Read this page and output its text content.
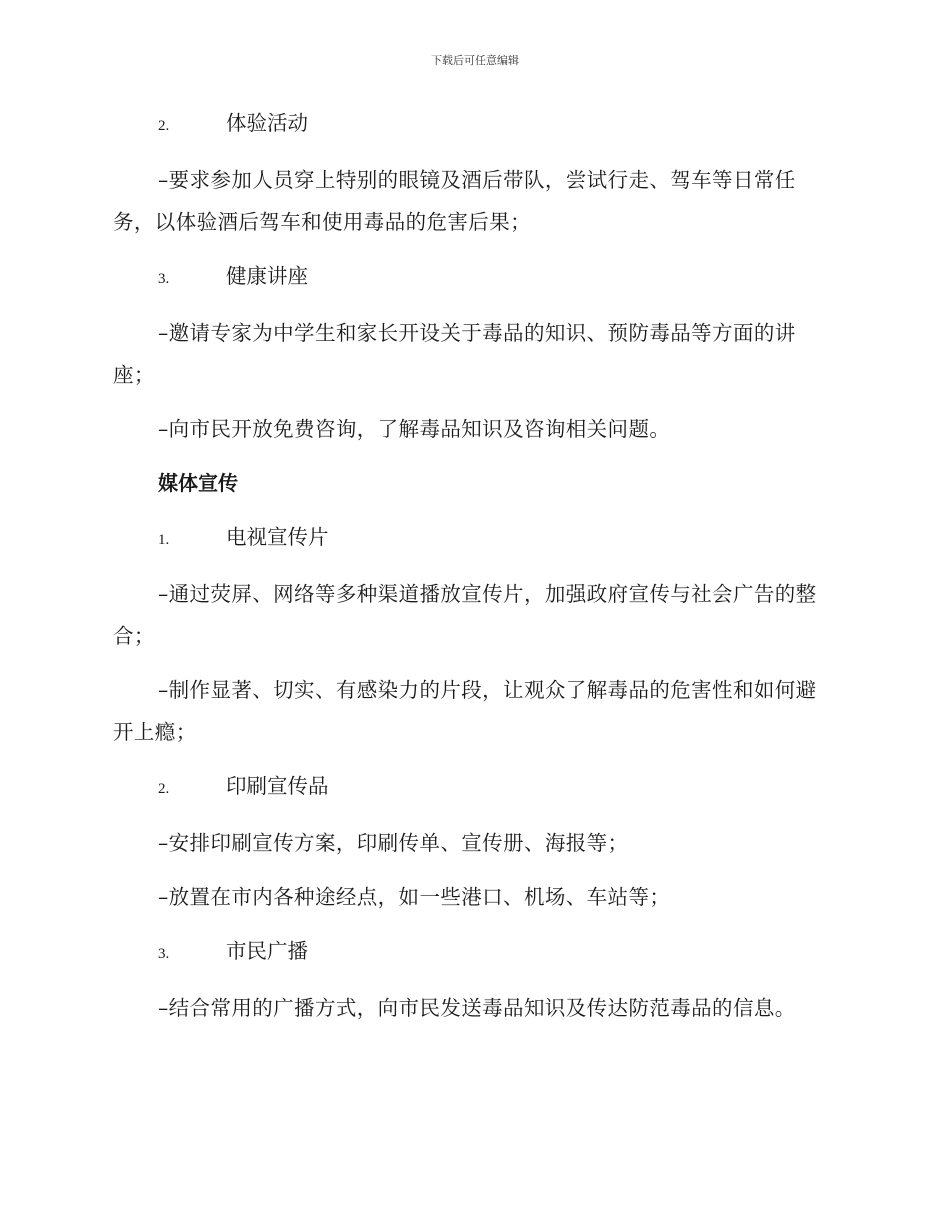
下载后可任意编辑
2.	体验活动
–要求参加人员穿上特别的眼镜及酒后带队，尝试行走、驾车等日常任务，以体验酒后驾车和使用毒品的危害后果；
3.	健康讲座
–邀请专家为中学生和家长开设关于毒品的知识、预防毒品等方面的讲座；
–向市民开放免费咨询，了解毒品知识及咨询相关问题。
媒体宣传
1.	电视宣传片
–通过荧屏、网络等多种渠道播放宣传片，加强政府宣传与社会广告的整合；
–制作显著、切实、有感染力的片段，让观众了解毒品的危害性和如何避开上瘾；
2.	印刷宣传品
–安排印刷宣传方案，印刷传单、宣传册、海报等；
–放置在市内各种途经点，如一些港口、机场、车站等；
3.	市民广播
–结合常用的广播方式，向市民发送毒品知识及传达防范毒品的信息。
